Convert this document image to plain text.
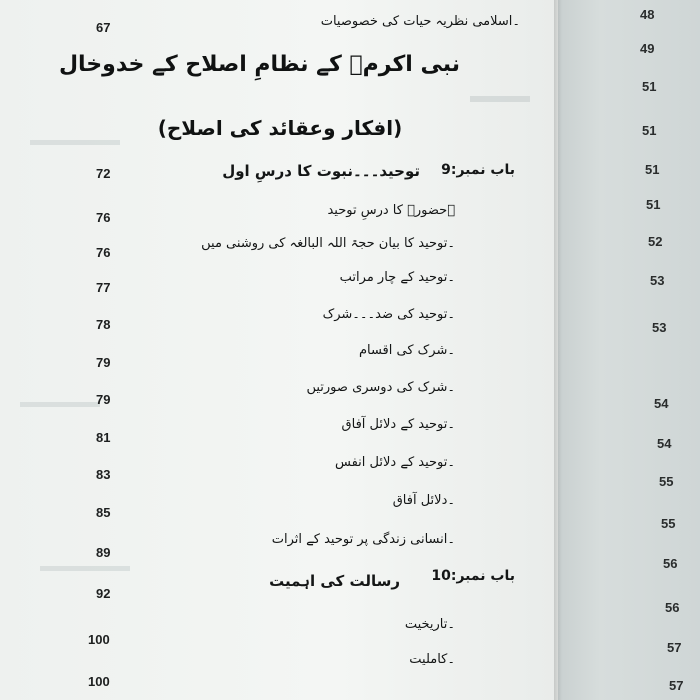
۔اسلامی نظریہ حیات کی خصوصیات
67
نبی اکرمؐ کے نظامِ اصلاح کے خدوخال
(افکار وعقائد کی اصلاح)
باب نمبر:9
توحید۔۔۔نبوت کا درسِ اول
72
۔حضورؐ کا درسِ توحید
76
۔توحید کا بیان حجۃ اللہ البالغہ کی روشنی میں
76
۔توحید کے چار مراتب
77
۔توحید کی ضد۔۔۔شرک
78
۔شرک کی اقسام
79
۔شرک کی دوسری صورتیں
79
۔توحید کے دلائل آفاق
81
۔توحید کے دلائل انفس
83
۔دلائل آفاق
85
۔انسانی زندگی پر توحید کے اثرات
89
باب نمبر:10
رسالت کی اہمیت
92
۔تاریخیت
100
۔کاملیت
100
48
49
51
51
51
51
52
53
53
54
54
55
55
56
56
57
57
